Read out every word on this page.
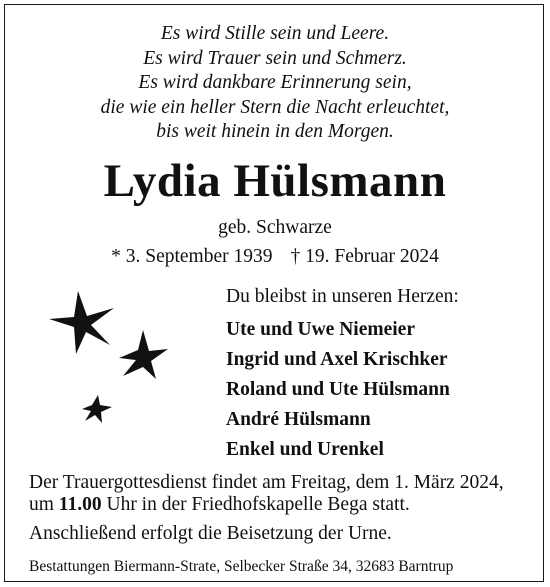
Es wird Stille sein und Leere.
Es wird Trauer sein und Schmerz.
Es wird dankbare Erinnerung sein,
die wie ein heller Stern die Nacht erleuchtet,
bis weit hinein in den Morgen.
Lydia Hülsmann
geb. Schwarze
* 3. September 1939 † 19. Februar 2024
Du bleibst in unseren Herzen:
Ute und Uwe Niemeier
Ingrid und Axel Krischker
Roland und Ute Hülsmann
André Hülsmann
Enkel und Urenkel
Der Trauergottesdienst findet am Freitag, dem 1. März 2024,
um 11.00 Uhr in der Friedhofskapelle Bega statt.
Anschließend erfolgt die Beisetzung der Urne.
Bestattungen Biermann-Strate, Selbecker Straße 34, 32683 Barntrup
